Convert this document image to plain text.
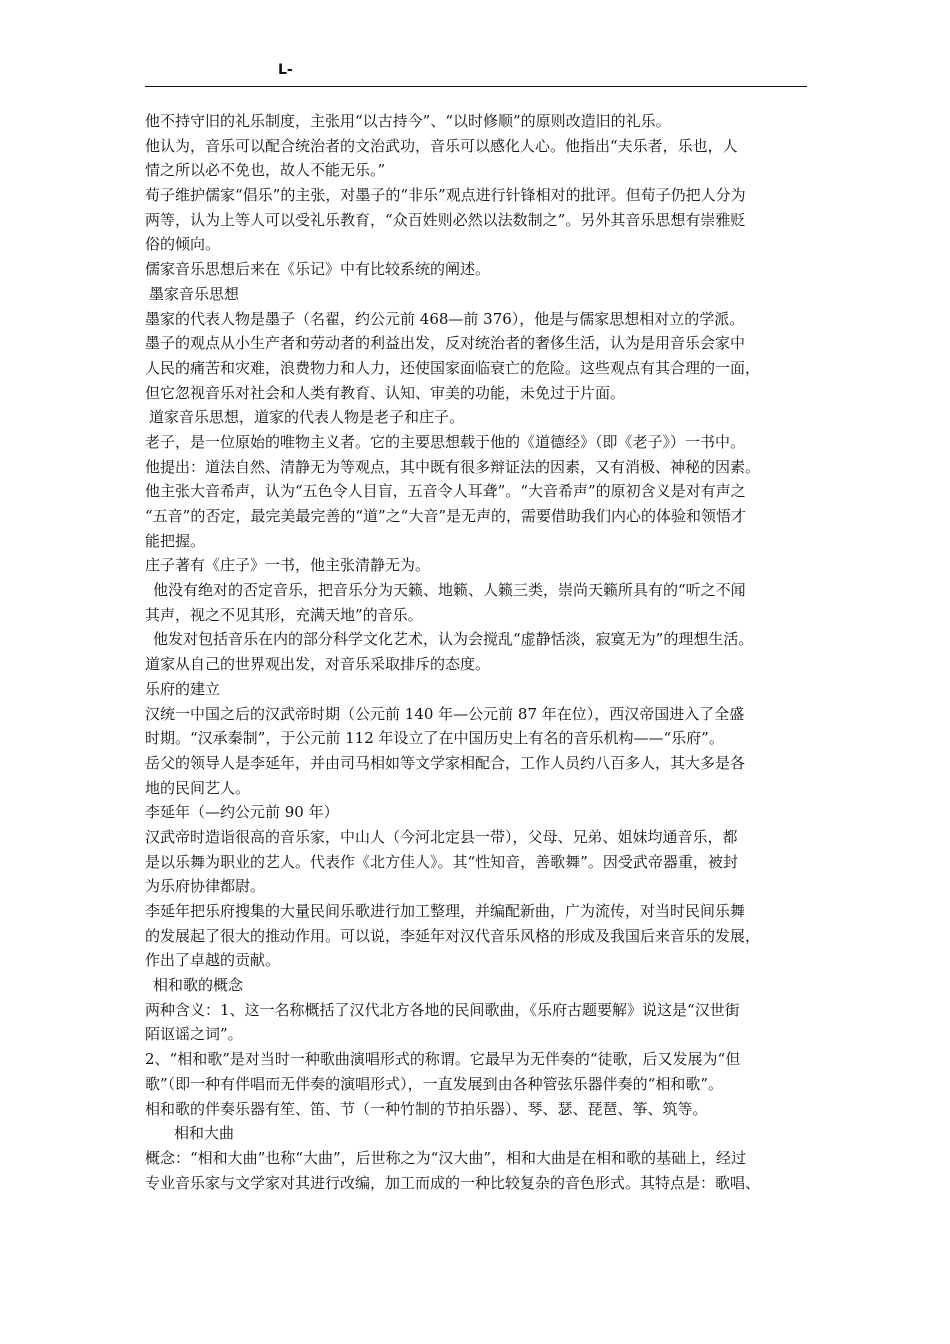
L-
他不持守旧的礼乐制度，主张用“以古持今”、“以时修顺”的原则改造旧的礼乐。
他认为，音乐可以配合统治者的文治武功，音乐可以感化人心。他指出“夫乐者，乐也，人
情之所以必不免也，故人不能无乐。”
荀子维护儒家“倡乐”的主张，对墨子的“非乐”观点进行针锋相对的批评。但荀子仍把人分为
两等，认为上等人可以受礼乐教育，“众百姓则必然以法数制之”。另外其音乐思想有崇雅贬
俗的倾向。
儒家音乐思想后来在《乐记》中有比较系统的阐述。
墨家音乐思想
墨家的代表人物是墨子（名翟，约公元前 468—前 376），他是与儒家思想相对立的学派。
墨子的观点从小生产者和劳动者的利益出发，反对统治者的奢侈生活，认为是用音乐会家中
人民的痛苦和灾难，浪费物力和人力，还使国家面临衰亡的危险。这些观点有其合理的一面，
但它忽视音乐对社会和人类有教育、认知、审美的功能，未免过于片面。
道家音乐思想，道家的代表人物是老子和庄子。
老子，是一位原始的唯物主义者。它的主要思想载于他的《道德经》（即《老子》）一书中。
他提出：道法自然、清静无为等观点，其中既有很多辩证法的因素，又有消极、神秘的因素。
他主张大音希声，认为“五色令人目盲，五音令人耳聋”。“大音希声”的原初含义是对有声之
“五音”的否定，最完美最完善的“道”之“大音”是无声的，需要借助我们内心的体验和领悟才
能把握。
庄子著有《庄子》一书，他主张清静无为。
他没有绝对的否定音乐，把音乐分为天籁、地籁、人籁三类，崇尚天籁所具有的“听之不闻
其声，视之不见其形，充满天地”的音乐。
他发对包括音乐在内的部分科学文化艺术，认为会搅乱“虚静恬淡，寂寞无为”的理想生活。
道家从自己的世界观出发，对音乐采取排斥的态度。
乐府的建立
汉统一中国之后的汉武帝时期（公元前 140 年—公元前 87 年在位），西汉帝国进入了全盛
时期。“汉承秦制”，于公元前 112 年设立了在中国历史上有名的音乐机构——“乐府”。
岳父的领导人是李延年，并由司马相如等文学家相配合，工作人员约八百多人，其大多是各
地的民间艺人。
李延年（—约公元前 90 年）
汉武帝时造诣很高的音乐家，中山人（今河北定县一带），父母、兄弟、姐妹均通音乐，都
是以乐舞为职业的艺人。代表作《北方佳人》。其“性知音，善歌舞”。因受武帝器重，被封
为乐府协律都尉。
李延年把乐府搜集的大量民间乐歌进行加工整理，并编配新曲，广为流传，对当时民间乐舞
的发展起了很大的推动作用。可以说，李延年对汉代音乐风格的形成及我国后来音乐的发展，
作出了卓越的贡献。
相和歌的概念
两种含义：1、这一名称概括了汉代北方各地的民间歌曲，《乐府古题要解》说这是“汉世街
陌讴谣之词”。
2、“相和歌”是对当时一种歌曲演唱形式的称谓。它最早为无伴奏的“徒歌，后又发展为“但
歌”（即一种有伴唱而无伴奏的演唱形式），一直发展到由各种管弦乐器伴奏的“相和歌”。
相和歌的伴奏乐器有笙、笛、节（一种竹制的节拍乐器）、琴、瑟、琵琶、筝、筑等。
相和大曲
概念：“相和大曲”也称“大曲”，后世称之为“汉大曲”，相和大曲是在相和歌的基础上，经过
专业音乐家与文学家对其进行改编，加工而成的一种比较复杂的音色形式。其特点是：歌唱、
